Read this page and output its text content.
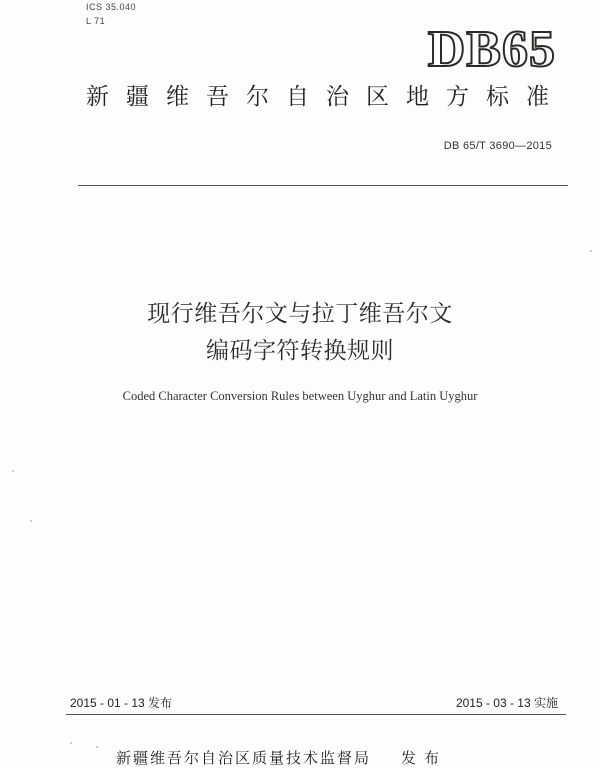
ICS 35.040
L 71	DB65
新疆维吾尔自治区地方标准
DB 65/T 3690—2015
现行维吾尔文与拉丁维吾尔文
编码字符转换规则
Coded Character Conversion Rules between Uyghur and Latin Uyghur
2015 - 01 - 13 发布	2015 - 03 - 13 实施
新疆维吾尔自治区质量技术监督局 发布
